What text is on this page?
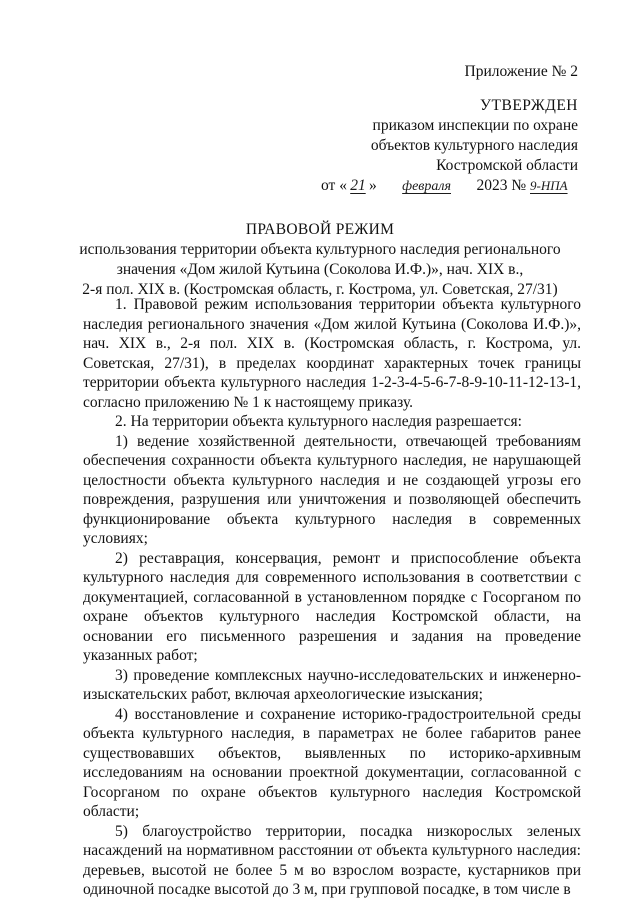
Приложение № 2

УТВЕРЖДЕН
приказом инспекции по охране
объектов культурного наследия
Костромской области
от « 21 » февраля 2023 № 9-НПА
ПРАВОВОЙ РЕЖИМ
использования территории объекта культурного наследия регионального
значения «Дом жилой Кутьина (Соколова И.Ф.)», нач. XIX в.,
2-я пол. XIX в. (Костромская область, г. Кострома, ул. Советская, 27/31)

1. Правовой режим использования территории объекта культурного наследия регионального значения «Дом жилой Кутьина (Соколова И.Ф.)», нач. XIX в., 2-я пол. XIX в. (Костромская область, г. Кострома, ул. Советская, 27/31), в пределах координат характерных точек границы территории объекта культурного наследия 1-2-3-4-5-6-7-8-9-10-11-12-13-1, согласно приложению № 1 к настоящему приказу.

2. На территории объекта культурного наследия разрешается:

1) ведение хозяйственной деятельности, отвечающей требованиям обеспечения сохранности объекта культурного наследия, не нарушающей целостности объекта культурного наследия и не создающей угрозы его повреждения, разрушения или уничтожения и позволяющей обеспечить функционирование объекта культурного наследия в современных условиях;

2) реставрация, консервация, ремонт и приспособление объекта культурного наследия для современного использования в соответствии с документацией, согласованной в установленном порядке с Госорганом по охране объектов культурного наследия Костромской области, на основании его письменного разрешения и задания на проведение указанных работ;

3) проведение комплексных научно-исследовательских и инженерно-изыскательских работ, включая археологические изыскания;

4) восстановление и сохранение историко-градостроительной среды объекта культурного наследия, в параметрах не более габаритов ранее существовавших объектов, выявленных по историко-архивным исследованиям на основании проектной документации, согласованной с Госорганом по охране объектов культурного наследия Костромской области;

5) благоустройство территории, посадка низкорослых зеленых насаждений на нормативном расстоянии от объекта культурного наследия: деревьев, высотой не более 5 м во взрослом возрасте, кустарников при одиночной посадке высотой до 3 м, при групповой посадке, в том числе в
